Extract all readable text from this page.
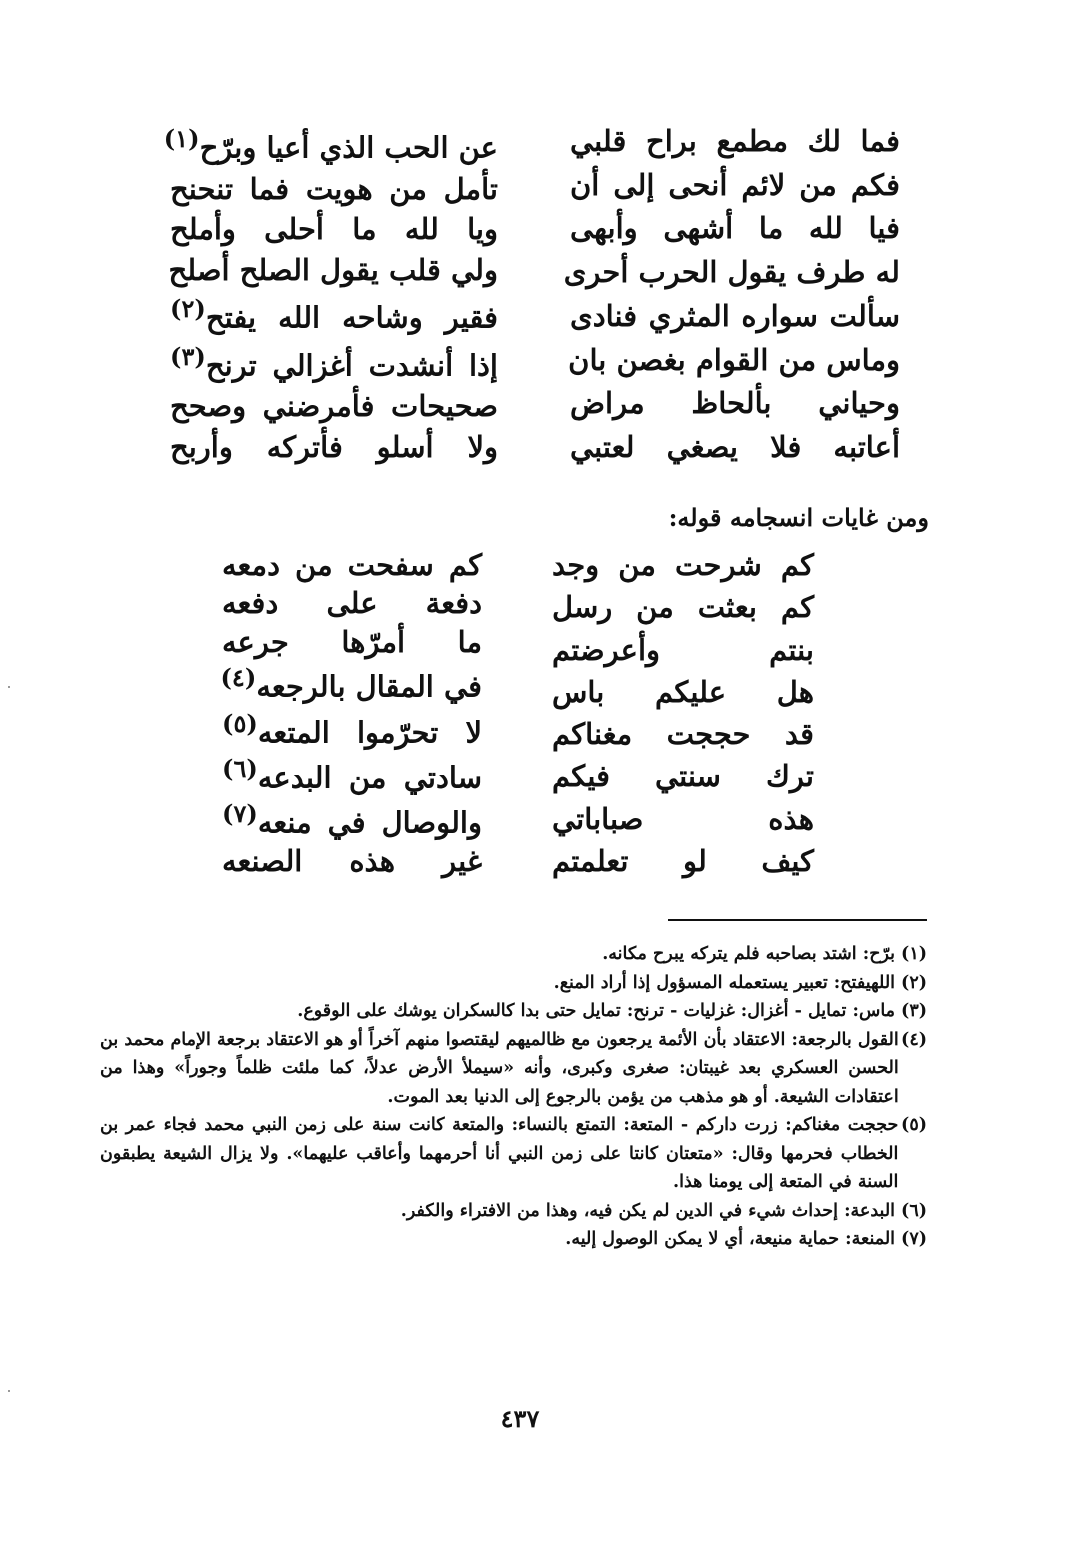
فما لك مطمع براح قلبي
فكم من لائم أنحى إلى أن
فيا لله ما أشهى وأبهى
له طرف يقول الحرب أحرى
سألت سواره المثري فنادى
وماس من القوام بغصن بان
وحياني بألحاظ مراض
أعاتبه فلا يصغي لعتبي
عن الحب الذي أعيا وبرّح$^{(١)}$
تأمل من هويت فما تنحنح
ويا لله ما أحلى وأملح
ولي قلب يقول الصلح أصلح
فقير وشاحه الله يفتح$^{(٢)}$
إذا أنشدت أغزالي ترنح$^{(٣)}$
صحيحات فأمرضني وصحح
ولا أسلو فأتركه وأربح
ومن غايات انسجامه قوله:
كم شرحت من وجد
كم بعثت من رسل
بنتم وأعرضتم
هل عليكم باس
قد حججت مغناكم
ترك سنتي فيكم
هذه صباباتي
كيف لو تعلمتم
كم سفحت من دمعه
دفعة على دفعه
ما أمرّها جرعه
في المقال بالرجعه$^{(٤)}$
لا تحرّموا المتعه$^{(٥)}$
سادتي من البدعه$^{(٦)}$
والوصال في منعه$^{(٧)}$
غير هذه الصنعه
(١)
برّح: اشتد بصاحبه فلم يتركه يبرح مكانه.
(٢)
اللهيفتح: تعبير يستعمله المسؤول إذا أراد المنع.
(٣)
ماس: تمايل - أغزال: غزليات - ترنح: تمايل حتى بدا كالسكران يوشك على الوقوع.
(٤)
القول بالرجعة: الاعتقاد بأن الأئمة يرجعون مع ظالميهم ليقتصوا منهم آخراً أو هو الاعتقاد برجعة الإمام محمد بن الحسن العسكري بعد غيبتان: صغرى وكبرى، وأنه «سيملأ الأرض عدلاً، كما ملئت ظلماً وجوراً» وهذا من اعتقادات الشيعة. أو هو مذهب من يؤمن بالرجوع إلى الدنيا بعد الموت.
(٥)
حججت مغناكم: زرت داركم - المتعة: التمتع بالنساء: والمتعة كانت سنة على زمن النبي محمد فجاء عمر بن الخطاب فحرمها وقال: «متعتان كانتا على زمن النبي أنا أحرمهما وأعاقب عليهما». ولا يزال الشيعة يطبقون السنة في المتعة إلى يومنا هذا.
(٦)
البدعة: إحداث شيء في الدين لم يكن فيه، وهذا من الافتراء والكفر.
(٧)
المنعة: حماية منيعة، أي لا يمكن الوصول إليه.
٤٣٧
